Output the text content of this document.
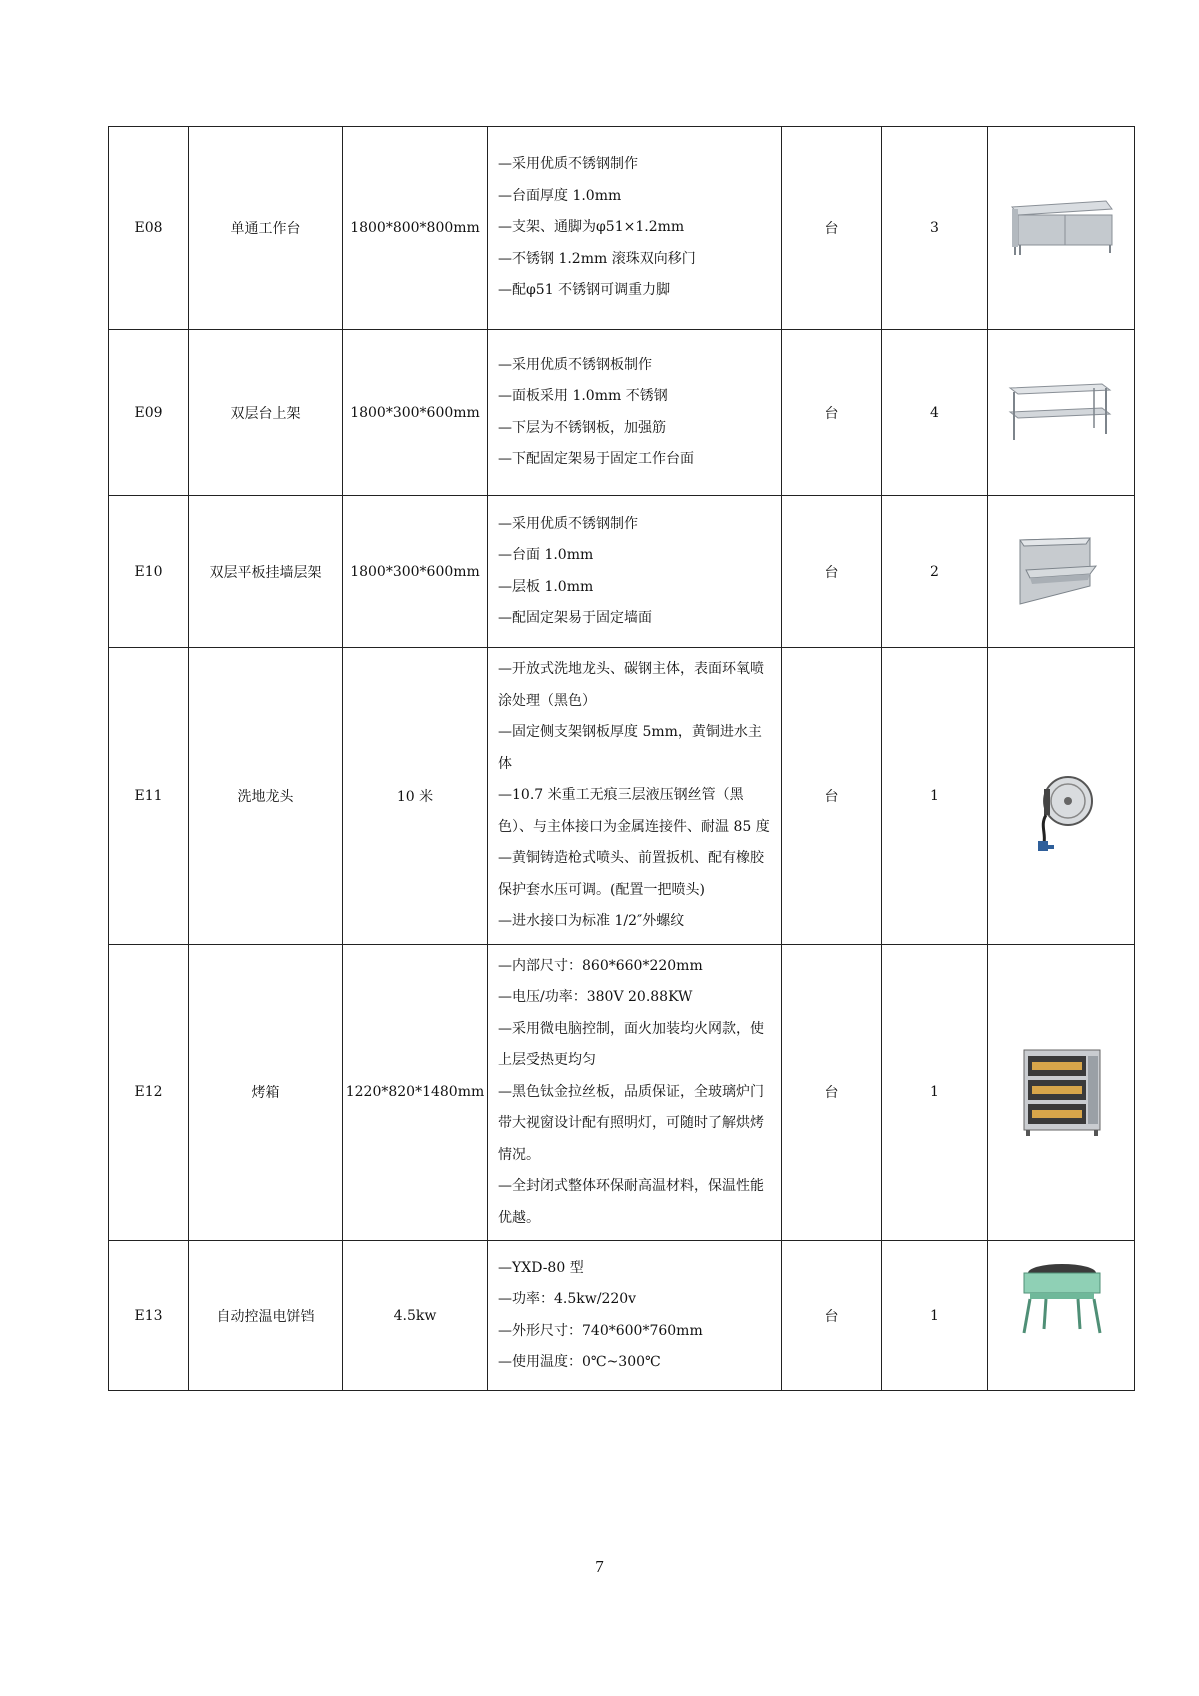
E08	单通工作台	1800*800*800mm	—采用优质不锈钢制作
—台面厚度 1.0mm
—支架、通脚为φ51×1.2mm
—不锈钢 1.2mm 滚珠双向移门
—配φ51 不锈钢可调重力脚	台	3	

E09	双层台上架	1800*300*600mm	—采用优质不锈钢板制作
—面板采用 1.0mm 不锈钢
—下层为不锈钢板，加强筋
—下配固定架易于固定工作台面	台	4	

E10	双层平板挂墙层架	1800*300*600mm	—采用优质不锈钢制作
—台面 1.0mm
—层板 1.0mm
—配固定架易于固定墙面	台	2	

E11	洗地龙头	10 米	—开放式洗地龙头、碳钢主体，表面环氧喷涂处理（黑色）
—固定侧支架钢板厚度 5mm，黄铜进水主体
—10.7 米重工无痕三层液压钢丝管（黑色）、与主体接口为金属连接件、耐温 85 度
—黄铜铸造枪式喷头、前置扳机、配有橡胶保护套水压可调。(配置一把喷头)
—进水接口为标准 1/2″外螺纹	台	1	

E12	烤箱	1220*820*1480mm	—内部尺寸：860*660*220mm
—电压/功率：380V 20.88KW
—采用微电脑控制，面火加装均火网款，使上层受热更均匀
—黑色钛金拉丝板，品质保证，全玻璃炉门带大视窗设计配有照明灯，可随时了解烘烤情况。
—全封闭式整体环保耐高温材料，保温性能优越。	台	1	

E13	自动控温电饼铛	4.5kw	—YXD-80 型
—功率：4.5kw/220v
—外形尺寸：740*600*760mm
—使用温度：0℃~300℃	台	1	
7
